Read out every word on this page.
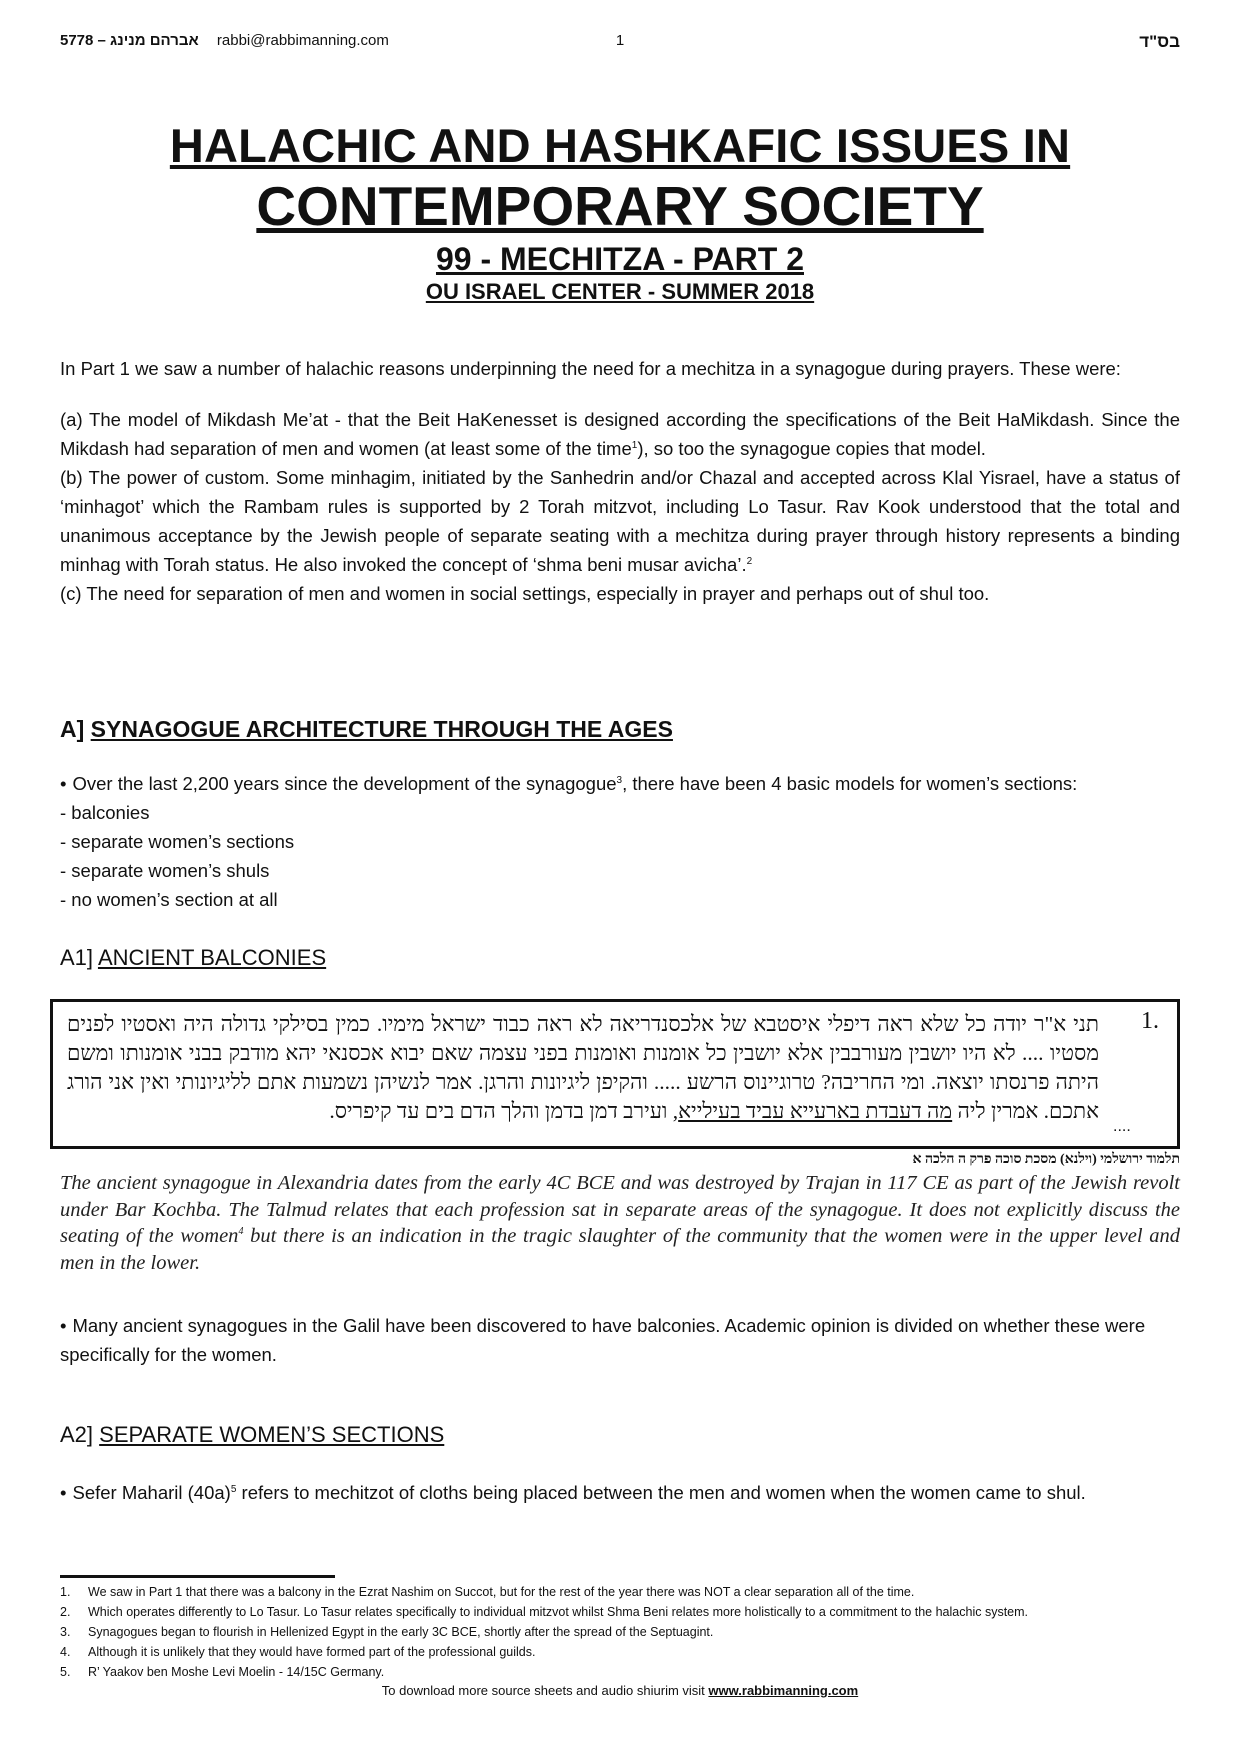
5778 – אברהם מנינג rabbi@rabbimanning.com	1	בס"ד
HALACHIC AND HASHKAFIC ISSUES IN
CONTEMPORARY SOCIETY
99 - MECHITZA - PART 2
OU ISRAEL CENTER - SUMMER 2018

In Part 1 we saw a number of halachic reasons underpinning the need for a mechitza in a synagogue during prayers. These were:

(a) The model of Mikdash Me’at - that the Beit HaKenesset is designed according the specifications of the Beit HaMikdash. Since the Mikdash had separation of men and women (at least some of the time$^1$), so too the synagogue copies that model.

(b) The power of custom. Some minhagim, initiated by the Sanhedrin and/or Chazal and accepted across Klal Yisrael, have a status of ‘minhagot’ which the Rambam rules is supported by 2 Torah mitzvot, including Lo Tasur. Rav Kook understood that the total and unanimous acceptance by the Jewish people of separate seating with a mechitza during prayer through history represents a binding minhag with Torah status. He also invoked the concept of ‘shma beni musar avicha’.$^2$

(c) The need for separation of men and women in social settings, especially in prayer and perhaps out of shul too.

A] SYNAGOGUE ARCHITECTURE THROUGH THE AGES

• Over the last 2,200 years since the development of the synagogue$^3$, there have been 4 basic models for women’s sections:

- balconies

- separate women’s sections

- separate women’s shuls

- no women’s section at all

A1] ANCIENT BALCONIES
1.
תני א"ר יודה כל שלא ראה דיפלי איסטבא של אלכסנדריאה לא ראה כבוד ישראל מימיו. כמין בסילקי גדולה היה ואסטיו לפנים מסטיו .... לא היו יושבין מעורבבין אלא יושבין כל אומנות ואומנות בפני עצמה שאם יבוא אכסנאי יהא מודבק בבני אומנותו ומשם היתה פרנסתו יוצאה. ומי החריבה? טרוגיינוס הרשע ..... והקיפן ליגיונות והרגן. אמר לנשיהן נשמעות אתם לליגיונותי ואין אני הורג אתכם. אמרין ליה מה דעבדת בארעייא עביד בעילייא, ועירב דמן בדמן והלך הדם בים עד קיפריס.
....
תלמוד ירושלמי (וילנא) מסכת סוכה פרק ה הלכה א
The ancient synagogue in Alexandria dates from the early 4C BCE and was destroyed by Trajan in 117 CE as part of the Jewish revolt under Bar Kochba. The Talmud relates that each profession sat in separate areas of the synagogue. It does not explicitly discuss the seating of the women$^4$ but there is an indication in the tragic slaughter of the community that the women were in the upper level and men in the lower.

• Many ancient synagogues in the Galil have been discovered to have balconies. Academic opinion is divided on whether these were specifically for the women.

A2] SEPARATE WOMEN’S SECTIONS

• Sefer Maharil $(40a)^5$ refers to mechitzot of cloths being placed between the men and women when the women came to shul.

1. We saw in Part 1 that there was a balcony in the Ezrat Nashim on Succot, but for the rest of the year there was NOT a clear separation all of the time.
2. Which operates differently to Lo Tasur. Lo Tasur relates specifically to individual mitzvot whilst Shma Beni relates more holistically to a commitment to the halachic system.
3. Synagogues began to flourish in Hellenized Egypt in the early 3C BCE, shortly after the spread of the Septuagint.
4. Although it is unlikely that they would have formed part of the professional guilds.
5. R’ Yaakov ben Moshe Levi Moelin - 14/15C Germany.
To download more source sheets and audio shiurim visit www.rabbimanning.com
